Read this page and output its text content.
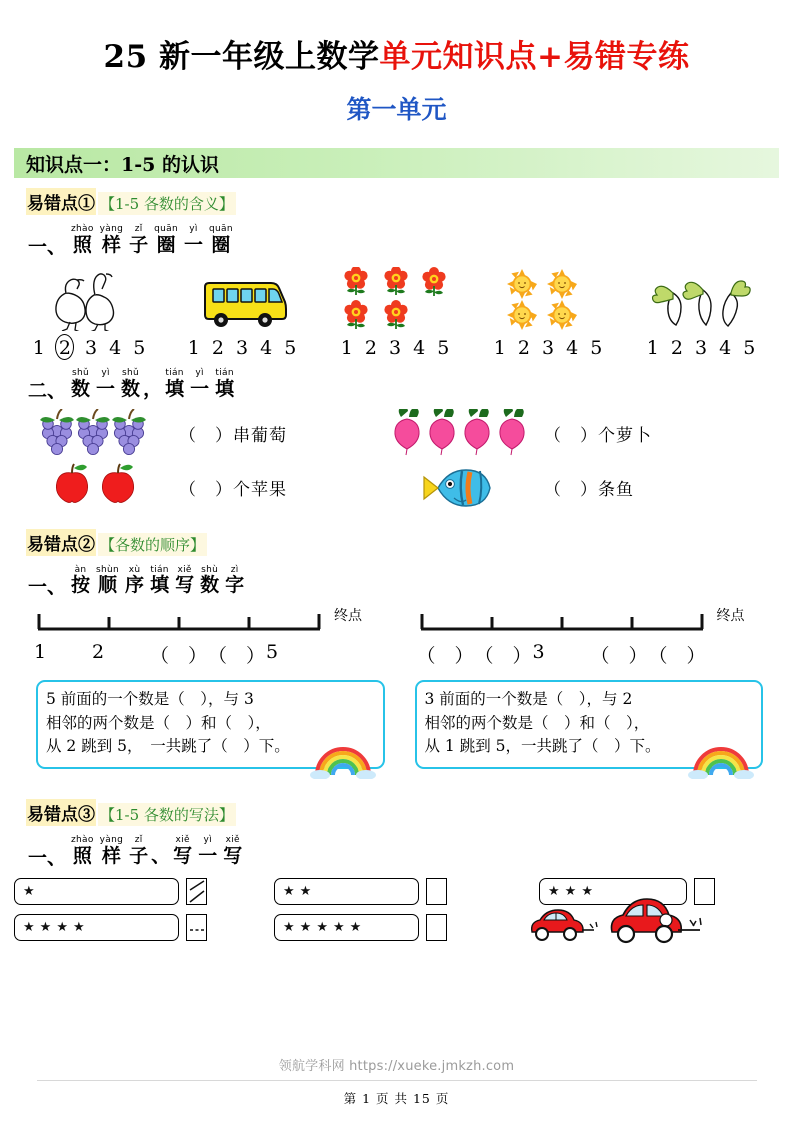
25 新一年级上数学单元知识点+易错专练
第一单元
知识点一：1-5 的认识
易错点① 【1-5 各数的含义】
一、
zhào
照
yàng
样
zǐ
子
quān
圈
yì
一
quān
圈
1 2 3 4 5	1 2 3 4 5	1 2 3 4 5	1 2 3 4 5	1 2 3 4 5
二、
shǔ
数
yì
一
shǔ
数 ，
tián
填
yì
一
tián
填
（　）串葡萄	（　）个萝卜
（　）个苹果	（　）条鱼
易错点② 【各数的顺序】
一、
àn
按
shùn
顺
xù
序
tián
填
xiě
写
shù
数
zì
字
终点
1	2	（　） （　） 5
终点
（　） （　） 3	（　） （　）
5 前面的一个数是（　），与 3
相邻的两个数是（　）和（　），
从 2 跳到 5，　一共跳了（　）下。
3 前面的一个数是（　），与 2
相邻的两个数是（　）和（　），
从 1 跳到 5，一共跳了（　）下。
易错点③ 【1-5 各数的写法】
一、
zhào
照
yàng
样
zǐ
子 、
xiě
写
yì
一
xiě
写
★	★ ★	★ ★ ★
★ ★ ★ ★	★ ★ ★ ★ ★
领航学科网 https://xueke.jmkzh.com
第 1 页 共 15 页
